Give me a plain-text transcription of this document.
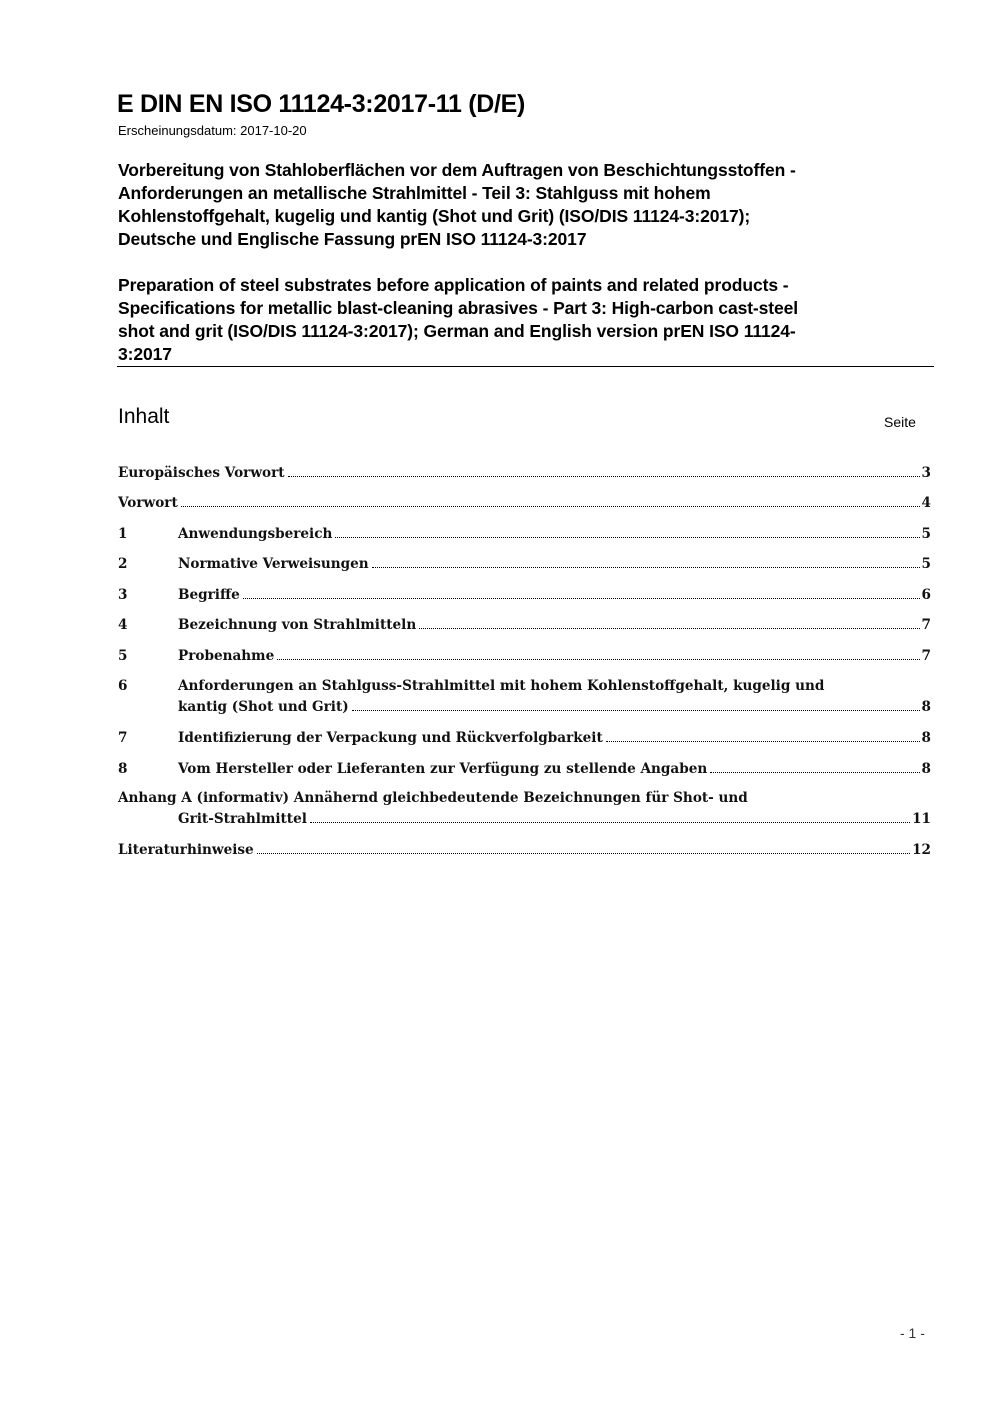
E DIN EN ISO 11124-3:2017-11 (D/E)
Erscheinungsdatum: 2017-10-20
Vorbereitung von Stahloberflächen vor dem Auftragen von Beschichtungsstoffen -
Anforderungen an metallische Strahlmittel - Teil 3: Stahlguss mit hohem
Kohlenstoffgehalt, kugelig und kantig (Shot und Grit) (ISO/DIS 11124-3:2017);
Deutsche und Englische Fassung prEN ISO 11124-3:2017
Preparation of steel substrates before application of paints and related products -
Specifications for metallic blast-cleaning abrasives - Part 3: High-carbon cast-steel
shot and grit (ISO/DIS 11124-3:2017); German and English version prEN ISO 11124-
3:2017
Inhalt	Seite
Europäisches Vorwort	3
Vorwort	4
1	Anwendungsbereich	5
2	Normative Verweisungen	5
3	Begriffe	6
4	Bezeichnung von Strahlmitteln	7
5	Probenahme	7
6	Anforderungen an Stahlguss-Strahlmittel mit hohem Kohlenstoffgehalt, kugelig und
kantig (Shot und Grit)	8
7	Identifizierung der Verpackung und Rückverfolgbarkeit	8
8	Vom Hersteller oder Lieferanten zur Verfügung zu stellende Angaben	8
Anhang A (informativ) Annähernd gleichbedeutende Bezeichnungen für Shot- und
Grit-Strahlmittel	11
Literaturhinweise	12
- 1 -
